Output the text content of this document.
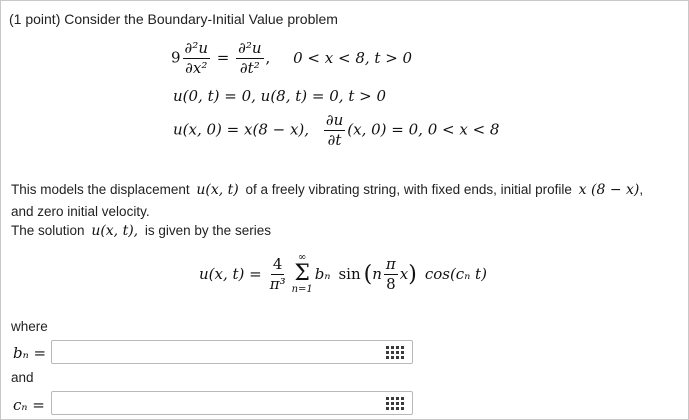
(1 point) Consider the Boundary-Initial Value problem
$9 \frac{\text{∂²u}}{\text{∂x²}} = \frac{\text{∂²u}}{\text{∂t²}}$ , 0 < x < 8, t > 0
u(0, t) = 0, u(8, t) = 0, t > 0
u(x, 0) = x(8 − x), $\frac{\partial u}{\partial t} (x$, 0) = 0, 0 < x < 8
This models the displacement u(x, t) of a freely vibrating string, with fixed ends, initial profile x (8 − x),
and zero initial velocity.
The solution u(x, t), is given by the series
u(x, $t) = \frac{4}{\text{π³}}$ ∞
Σ
n=1
bₙ sin ( n $\frac{\pi}{8}$ x ) cos(cₙ t)
where
bₙ =
and
cₙ =
